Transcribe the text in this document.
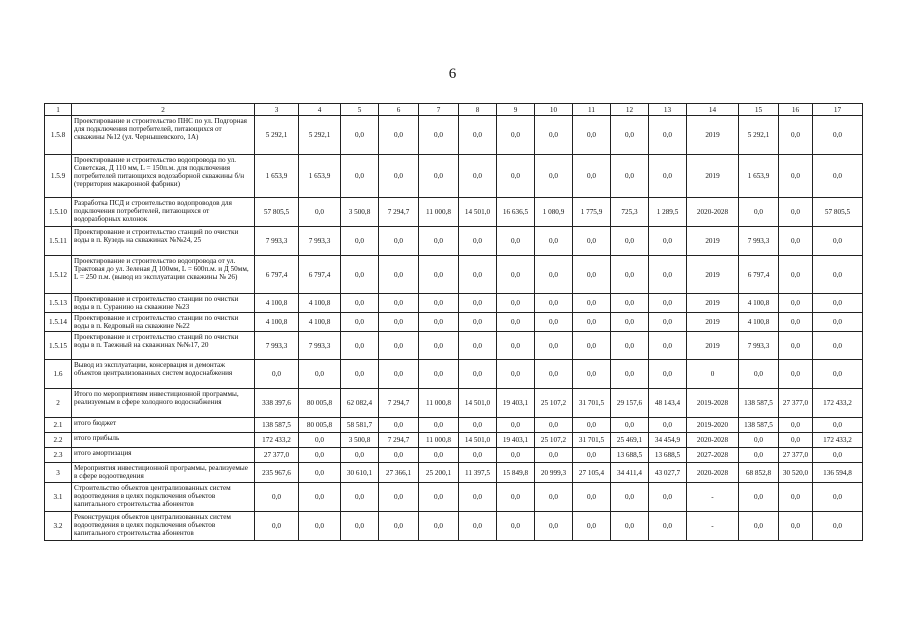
6
1	2	3	4	5	6	7	8	9	10	11	12	13	14	15	16	17
1.5.8	Проектирование и строительство ПНС по ул. Подгорная для подключения потребителей, питающихся от скважины №12 (ул. Чернышевского, 1А)	5 292,1	5 292,1	0,0	0,0	0,0	0,0	0,0	0,0	0,0	0,0	0,0	2019	5 292,1	0,0	0,0
1.5.9	Проектирование и строительство водопровода по ул. Советская, Д 110 мм, L = 150п.м. для подключения потребителей питающихся водозаборной скважины б/н (территория макаронной фабрики)	1 653,9	1 653,9	0,0	0,0	0,0	0,0	0,0	0,0	0,0	0,0	0,0	2019	1 653,9	0,0	0,0
1.5.10	Разработка ПСД и строительство водопроводов для подключения потребителей, питающихся от водоразборных колонок	57 805,5	0,0	3 500,8	7 294,7	11 000,8	14 501,0	16 636,5	1 080,9	1 775,9	725,3	1 289,5	2020-2028	0,0	0,0	57 805,5
1.5.11	Проектирование и строительство станций по очистки воды в п. Кузедь на скважинах №№24, 25	7 993,3	7 993,3	0,0	0,0	0,0	0,0	0,0	0,0	0,0	0,0	0,0	2019	7 993,3	0,0	0,0
1.5.12	Проектирование и строительство водопровода от ул. Трактовая до ул. Зеленая Д 100мм, L = 600п.м. и Д 50мм, L = 250 п.м. (вывод из эксплуатации скважины № 26)	6 797,4	6 797,4	0,0	0,0	0,0	0,0	0,0	0,0	0,0	0,0	0,0	2019	6 797,4	0,0	0,0
1.5.13	Проектирование и строительство станции по очистки воды в п. Суранино на скважине №23	4 100,8	4 100,8	0,0	0,0	0,0	0,0	0,0	0,0	0,0	0,0	0,0	2019	4 100,8	0,0	0,0
1.5.14	Проектирование и строительство станции по очистки воды в п. Кедровый на скважине №22	4 100,8	4 100,8	0,0	0,0	0,0	0,0	0,0	0,0	0,0	0,0	0,0	2019	4 100,8	0,0	0,0
1.5.15	Проектирование и строительство станций по очистки воды в п. Таежный на скважинах №№17, 20	7 993,3	7 993,3	0,0	0,0	0,0	0,0	0,0	0,0	0,0	0,0	0,0	2019	7 993,3	0,0	0,0
1.6	Вывод из эксплуатации, консервация и демонтаж объектов централизованных систем водоснабжения	0,0	0,0	0,0	0,0	0,0	0,0	0,0	0,0	0,0	0,0	0,0	0	0,0	0,0	0,0
2	Итого по мероприятиям инвестиционной программы, реализуемым в сфере холодного водоснабжения	338 397,6	80 005,8	62 082,4	7 294,7	11 000,8	14 501,0	19 403,1	25 107,2	31 701,5	29 157,6	48 143,4	2019-2028	138 587,5	27 377,0	172 433,2
2.1	итого бюджет	138 587,5	80 005,8	58 581,7	0,0	0,0	0,0	0,0	0,0	0,0	0,0	0,0	2019-2020	138 587,5	0,0	0,0
2.2	итого прибыль	172 433,2	0,0	3 500,8	7 294,7	11 000,8	14 501,0	19 403,1	25 107,2	31 701,5	25 469,1	34 454,9	2020-2028	0,0	0,0	172 433,2
2.3	итого амортизация	27 377,0	0,0	0,0	0,0	0,0	0,0	0,0	0,0	0,0	13 688,5	13 688,5	2027-2028	0,0	27 377,0	0,0
3	Мероприятия инвестиционной программы, реализуемые в сфере водоотведения	235 967,6	0,0	30 610,1	27 366,1	25 200,1	11 397,5	15 849,8	20 999,3	27 105,4	34 411,4	43 027,7	2020-2028	68 852,8	30 520,0	136 594,8
3.1	Строительство объектов централизованных систем водоотведения в целях подключения объектов капитального строительства абонентов	0,0	0,0	0,0	0,0	0,0	0,0	0,0	0,0	0,0	0,0	0,0	-	0,0	0,0	0,0
3.2	Реконструкция объектов централизованных систем водоотведения в целях подключения объектов капитального строительства абонентов	0,0	0,0	0,0	0,0	0,0	0,0	0,0	0,0	0,0	0,0	0,0	-	0,0	0,0	0,0
